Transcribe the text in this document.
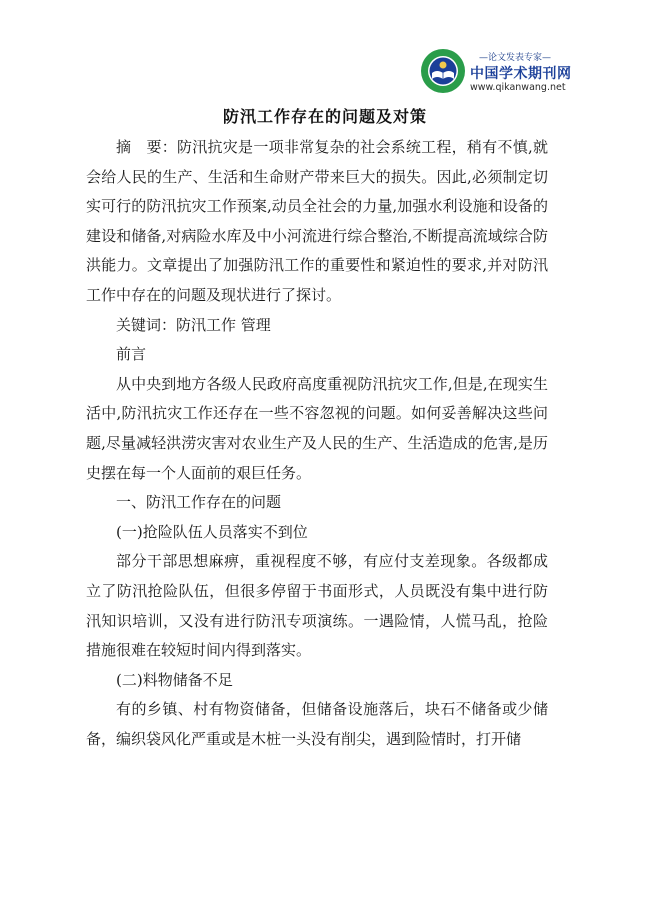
—论文发表专家—
中国学术期刊网
www.qikanwang.net
防汛工作存在的问题及对策

摘　要：防汛抗灾是一项非常复杂的社会系统工程，稍有不慎,就会给人民的生产、生活和生命财产带来巨大的损失。因此,必须制定切实可行的防汛抗灾工作预案,动员全社会的力量,加强水利设施和设备的建设和储备,对病险水库及中小河流进行综合整治,不断提高流域综合防洪能力。文章提出了加强防汛工作的重要性和紧迫性的要求,并对防汛工作中存在的问题及现状进行了探讨。

关键词：防汛工作 管理

前言

从中央到地方各级人民政府高度重视防汛抗灾工作,但是,在现实生活中,防汛抗灾工作还存在一些不容忽视的问题。如何妥善解决这些问题,尽量减轻洪涝灾害对农业生产及人民的生产、生活造成的危害,是历史摆在每一个人面前的艰巨任务。

一、防汛工作存在的问题

(一)抢险队伍人员落实不到位

部分干部思想麻痹，重视程度不够，有应付支差现象。各级都成立了防汛抢险队伍，但很多停留于书面形式，人员既没有集中进行防汛知识培训，又没有进行防汛专项演练。一遇险情，人慌马乱，抢险措施很难在较短时间内得到落实。

(二)料物储备不足

有的乡镇、村有物资储备，但储备设施落后，块石不储备或少储备，编织袋风化严重或是木桩一头没有削尖，遇到险情时，打开储
